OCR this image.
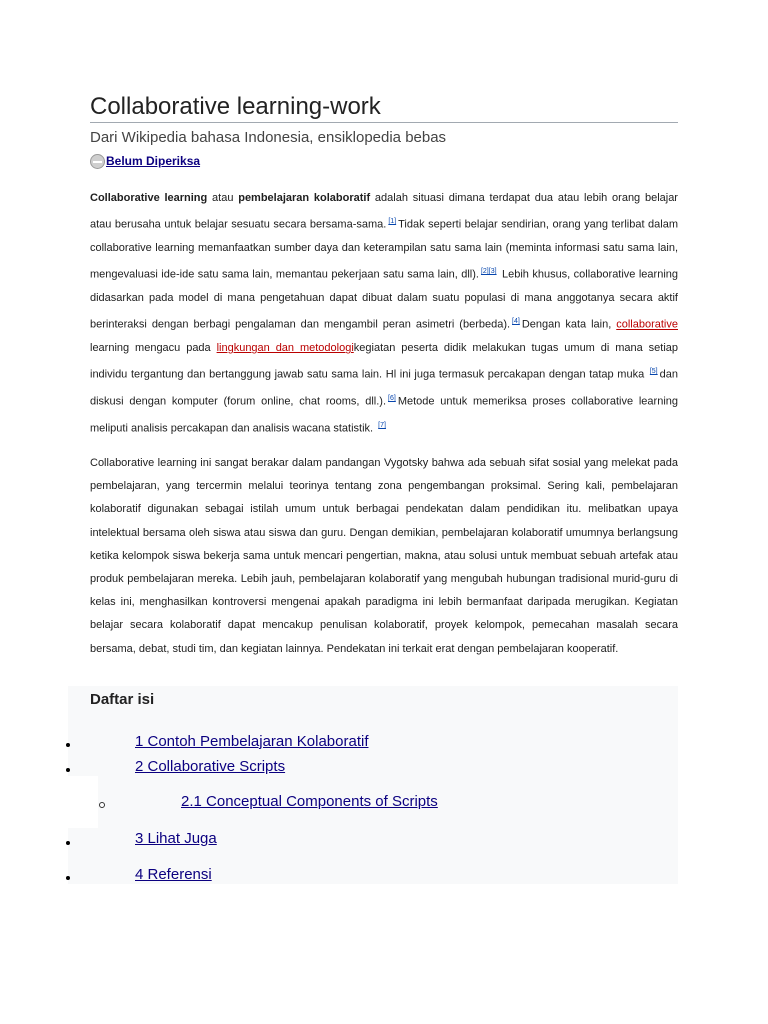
Collaborative learning-work
Dari Wikipedia bahasa Indonesia, ensiklopedia bebas
Belum Diperiksa
Collaborative learning atau pembelajaran kolaboratif adalah situasi dimana terdapat dua atau lebih orang belajar atau berusaha untuk belajar sesuatu secara bersama-sama. [1] Tidak seperti belajar sendirian, orang yang terlibat dalam collaborative learning memanfaatkan sumber daya dan keterampilan satu sama lain (meminta informasi satu sama lain, mengevaluasi ide-ide satu sama lain, memantau pekerjaan satu sama lain, dll). [2][3] Lebih khusus, collaborative learning didasarkan pada model di mana pengetahuan dapat dibuat dalam suatu populasi di mana anggotanya secara aktif berinteraksi dengan berbagi pengalaman dan mengambil peran asimetri (berbeda). [4] Dengan kata lain, collaborative learning mengacu pada lingkungan dan metodologikegiatan peserta didik melakukan tugas umum di mana setiap individu tergantung dan bertanggung jawab satu sama lain. Hl ini juga termasuk percakapan dengan tatap muka [5] dan diskusi dengan komputer (forum online, chat rooms, dll.). [6] Metode untuk memeriksa proses collaborative learning meliputi analisis percakapan dan analisis wacana statistik. [7]
Collaborative learning ini sangat berakar dalam pandangan Vygotsky bahwa ada sebuah sifat sosial yang melekat pada pembelajaran, yang tercermin melalui teorinya tentang zona pengembangan proksimal. Sering kali, pembelajaran kolaboratif digunakan sebagai istilah umum untuk berbagai pendekatan dalam pendidikan itu. melibatkan upaya intelektual bersama oleh siswa atau siswa dan guru. Dengan demikian, pembelajaran kolaboratif umumnya berlangsung ketika kelompok siswa bekerja sama untuk mencari pengertian, makna, atau solusi untuk membuat sebuah artefak atau produk pembelajaran mereka. Lebih jauh, pembelajaran kolaboratif yang mengubah hubungan tradisional murid-guru di kelas ini, menghasilkan kontroversi mengenai apakah paradigma ini lebih bermanfaat daripada merugikan. Kegiatan belajar secara kolaboratif dapat mencakup penulisan kolaboratif, proyek kelompok, pemecahan masalah secara bersama, debat, studi tim, dan kegiatan lainnya. Pendekatan ini terkait erat dengan pembelajaran kooperatif.
Daftar isi
1 Contoh Pembelajaran Kolaboratif
2 Collaborative Scripts
2.1 Conceptual Components of Scripts
3 Lihat Juga
4 Referensi
